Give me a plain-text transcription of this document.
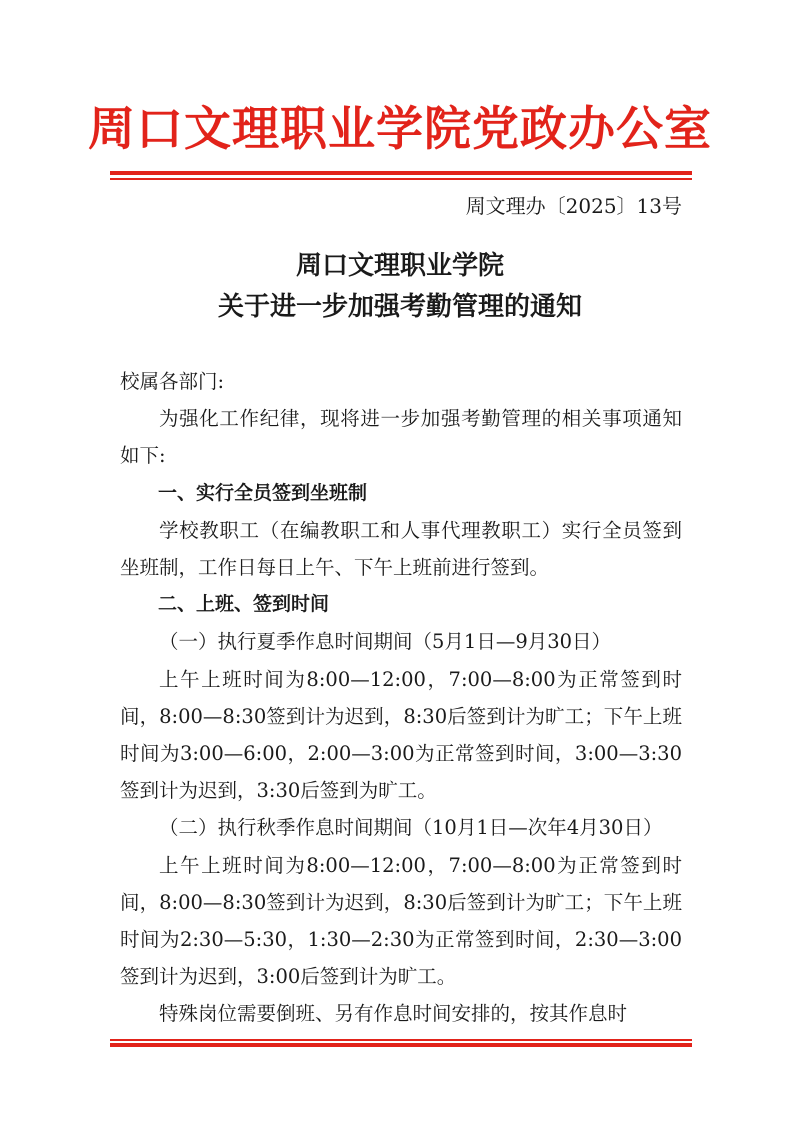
周口文理职业学院党政办公室
周文理办〔2025〕13号
周口文理职业学院
关于进一步加强考勤管理的通知

校属各部门:

为强化工作纪律，现将进一步加强考勤管理的相关事项通知如下:

一、实行全员签到坐班制

学校教职工（在编教职工和人事代理教职工）实行全员签到坐班制，工作日每日上午、下午上班前进行签到。

二、上班、签到时间

（一）执行夏季作息时间期间（5月1日—9月30日）

上午上班时间为8:00—12:00，7:00—8:00为正常签到时间，8:00—8:30签到计为迟到，8:30后签到计为旷工；下午上班时间为3:00—6:00，2:00—3:00为正常签到时间，3:00—3:30签到计为迟到，3:30后签到为旷工。

（二）执行秋季作息时间期间（10月1日—次年4月30日）

上午上班时间为8:00—12:00，7:00—8:00为正常签到时间，8:00—8:30签到计为迟到，8:30后签到计为旷工；下午上班时间为2:30—5:30，1:30—2:30为正常签到时间，2:30—3:00签到计为迟到，3:00后签到计为旷工。

特殊岗位需要倒班、另有作息时间安排的，按其作息时
